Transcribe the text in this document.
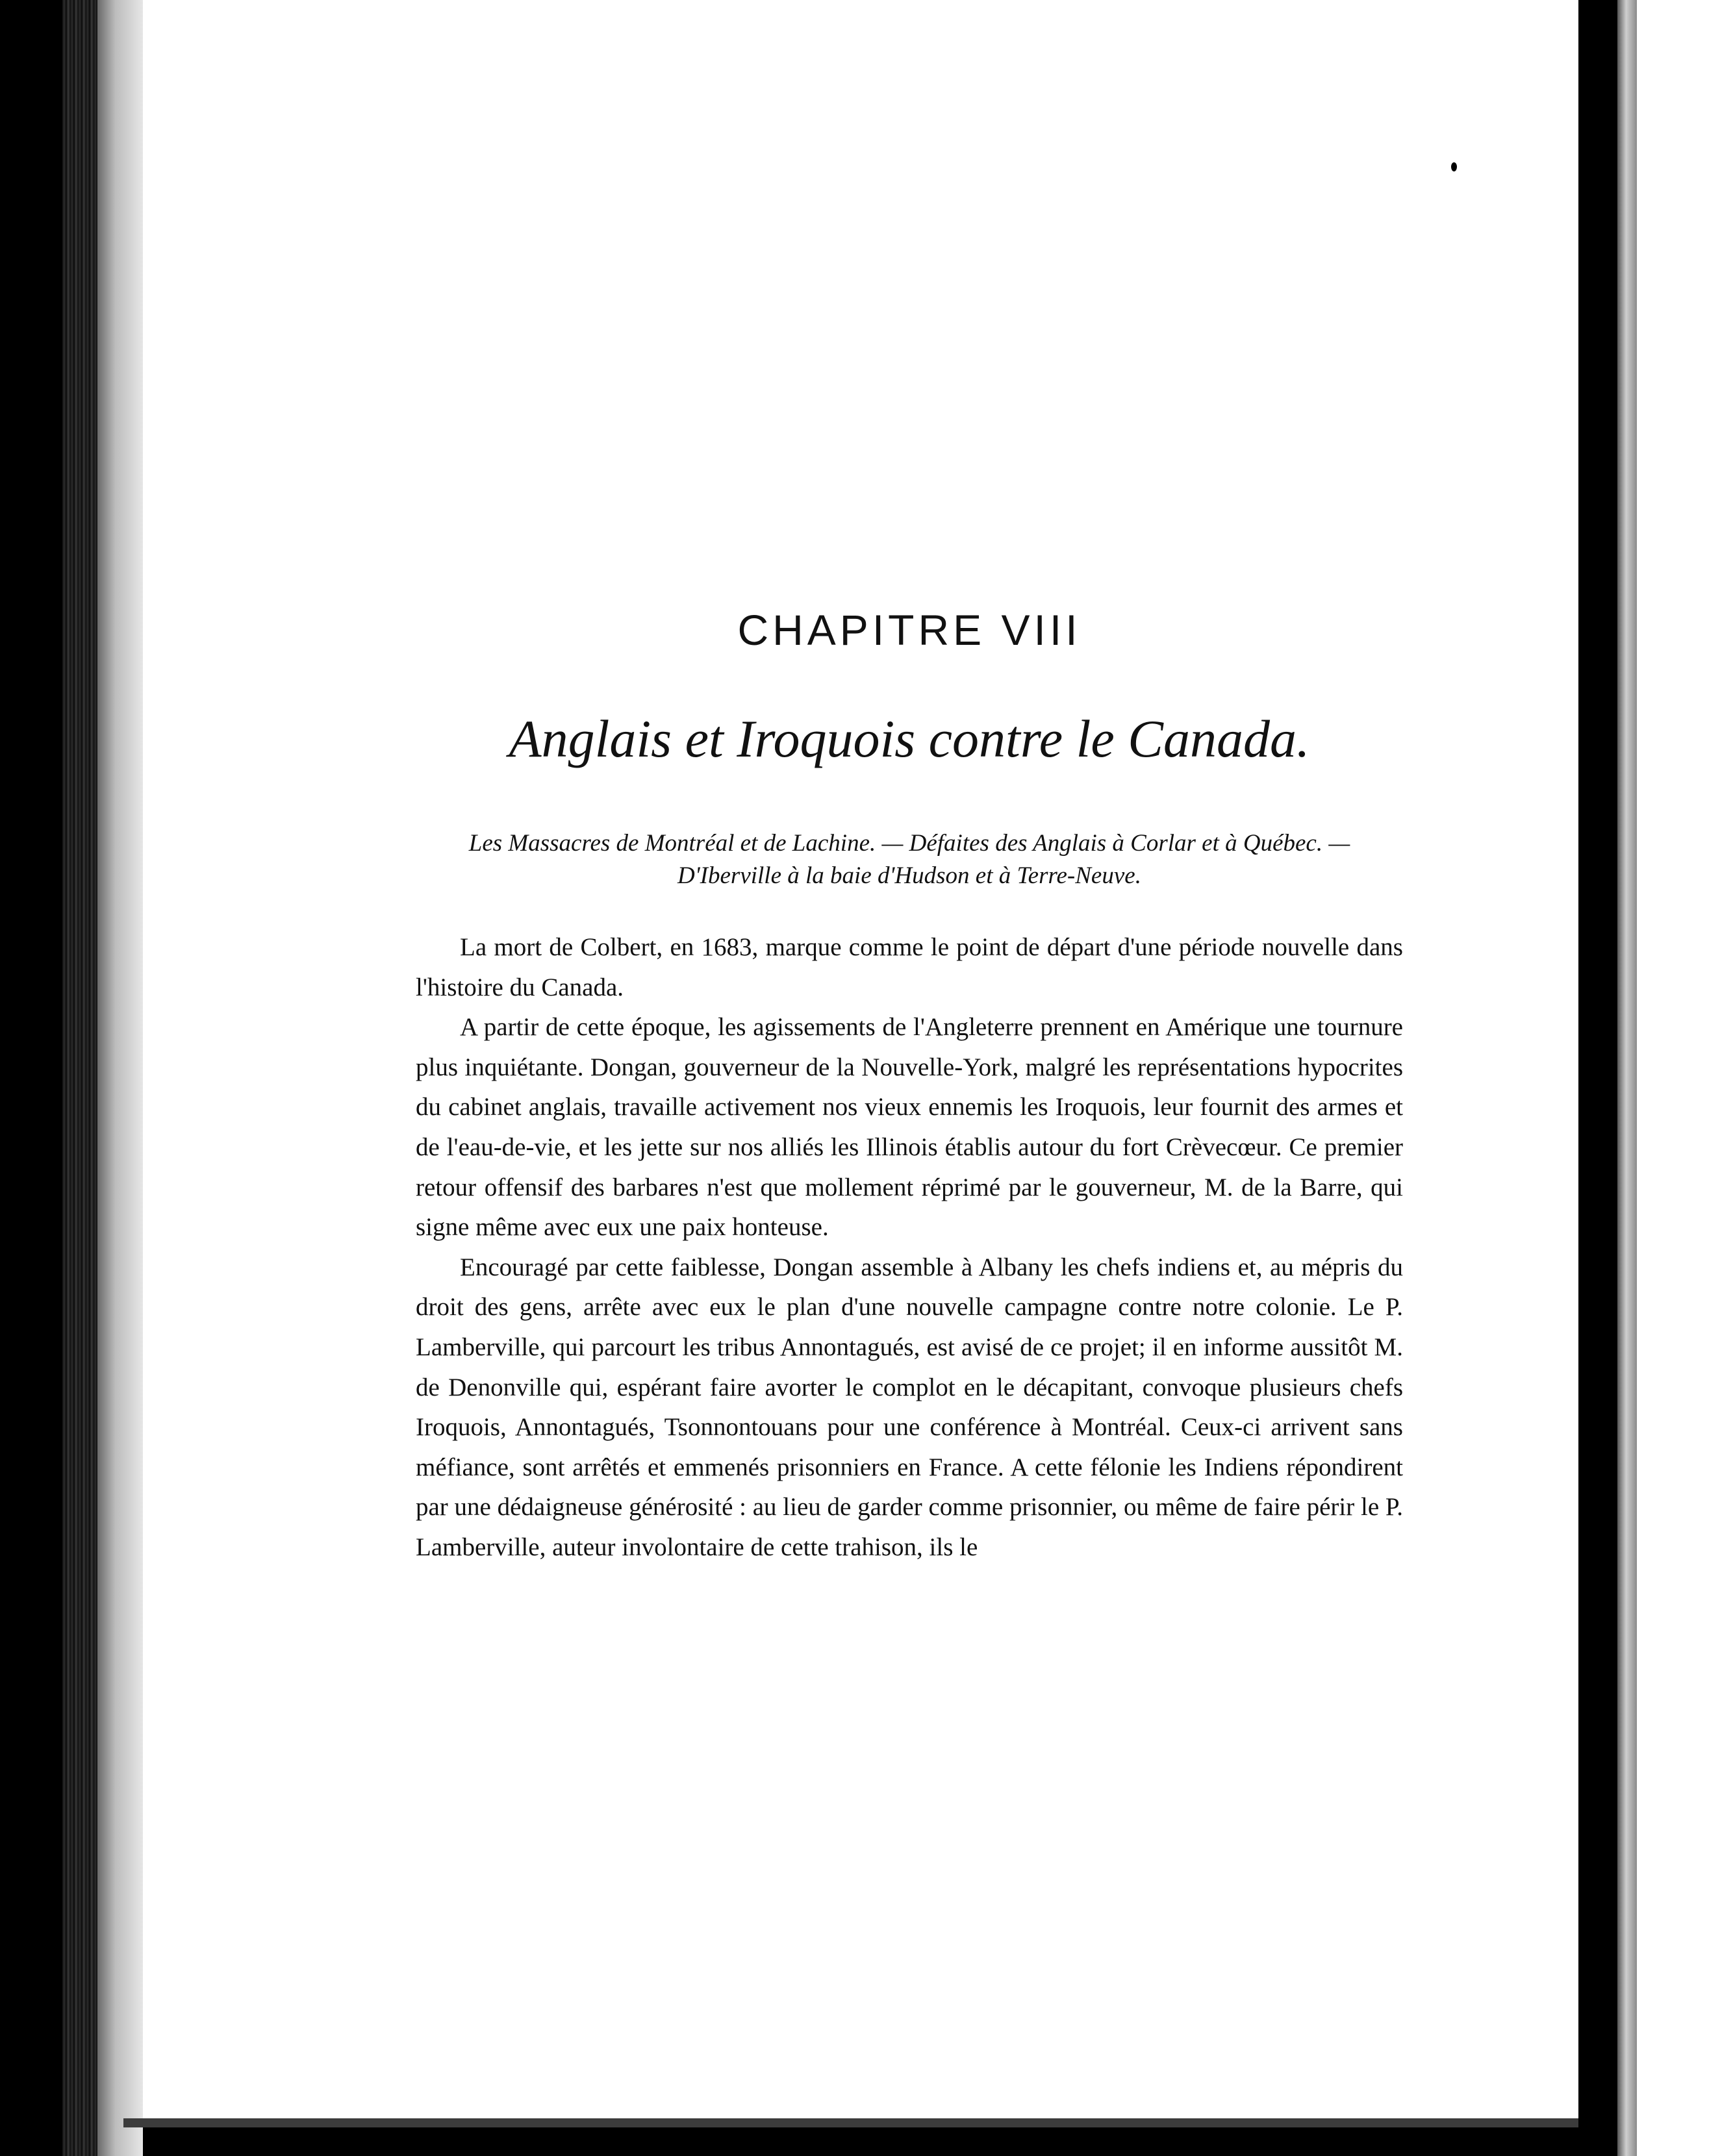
CHAPITRE VIII
Anglais et Iroquois contre le Canada.
Les Massacres de Montréal et de Lachine. — Défaites des Anglais à Corlar et à Québec. — D'Iberville à la baie d'Hudson et à Terre-Neuve.

La mort de Colbert, en 1683, marque comme le point de départ d'une période nouvelle dans l'histoire du Canada.

A partir de cette époque, les agissements de l'Angleterre prennent en Amérique une tournure plus inquiétante. Dongan, gouverneur de la Nouvelle-York, malgré les représentations hypocrites du cabinet anglais, travaille activement nos vieux ennemis les Iroquois, leur fournit des armes et de l'eau-de-vie, et les jette sur nos alliés les Illinois établis autour du fort Crèvecœur. Ce premier retour offensif des barbares n'est que mollement réprimé par le gouverneur, M. de la Barre, qui signe même avec eux une paix honteuse.

Encouragé par cette faiblesse, Dongan assemble à Albany les chefs indiens et, au mépris du droit des gens, arrête avec eux le plan d'une nouvelle campagne contre notre colonie. Le P. Lamberville, qui parcourt les tribus Annontagués, est avisé de ce projet; il en informe aussitôt M. de Denonville qui, espérant faire avorter le complot en le décapitant, convoque plusieurs chefs Iroquois, Annontagués, Tsonnontouans pour une conférence à Montréal. Ceux-ci arrivent sans méfiance, sont arrêtés et emmenés prisonniers en France. A cette félonie les Indiens répondirent par une dédaigneuse générosité : au lieu de garder comme prisonnier, ou même de faire périr le P. Lamberville, auteur involontaire de cette trahison, ils le
